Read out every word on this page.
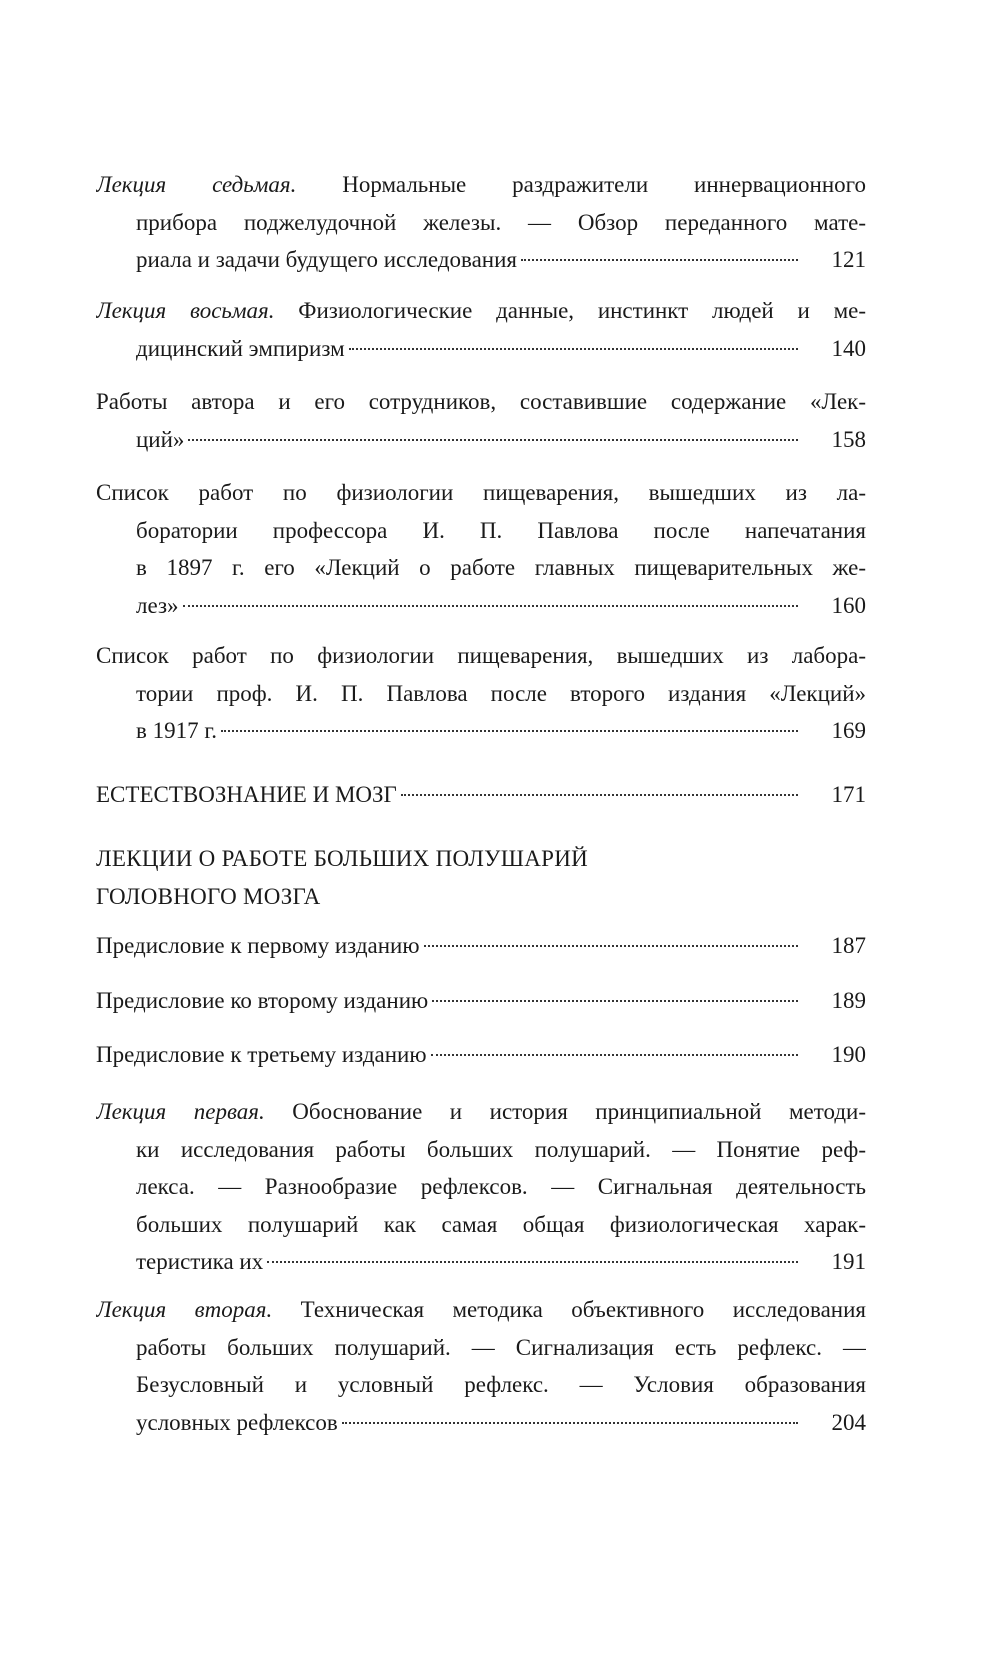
Лекция седьмая. Нормальные раздражители иннервационного
прибора поджелудочной железы. — Обзор переданного мате-
риала и задачи будущего исследования	121
Лекция восьмая. Физиологические данные, инстинкт людей и ме-
дицинский эмпиризм	140
Работы автора и его сотрудников, составившие содержание «Лек-
ций»	158
Список работ по физиологии пищеварения, вышедших из ла-
боратории профессора И. П. Павлова после напечатания
в 1897 г. его «Лекций о работе главных пищеварительных же-
лез»	160
Список работ по физиологии пищеварения, вышедших из лабора-
тории проф. И. П. Павлова после второго издания «Лекций»
в 1917 г.	169
ЕСТЕСТВОЗНАНИЕ И МОЗГ	171
ЛЕКЦИИ О РАБОТЕ БОЛЬШИХ ПОЛУШАРИЙ
ГОЛОВНОГО МОЗГА
Предисловие к первому изданию	187
Предисловие ко второму изданию	189
Предисловие к третьему изданию	190
Лекция первая. Обоснование и история принципиальной методи-
ки исследования работы больших полушарий. — Понятие реф-
лекса. — Разнообразие рефлексов. — Сигнальная деятельность
больших полушарий как самая общая физиологическая харак-
теристика их	191
Лекция вторая. Техническая методика объективного исследования
работы больших полушарий. — Сигнализация есть рефлекс. —
Безусловный и условный рефлекс. — Условия образования
условных рефлексов	204
